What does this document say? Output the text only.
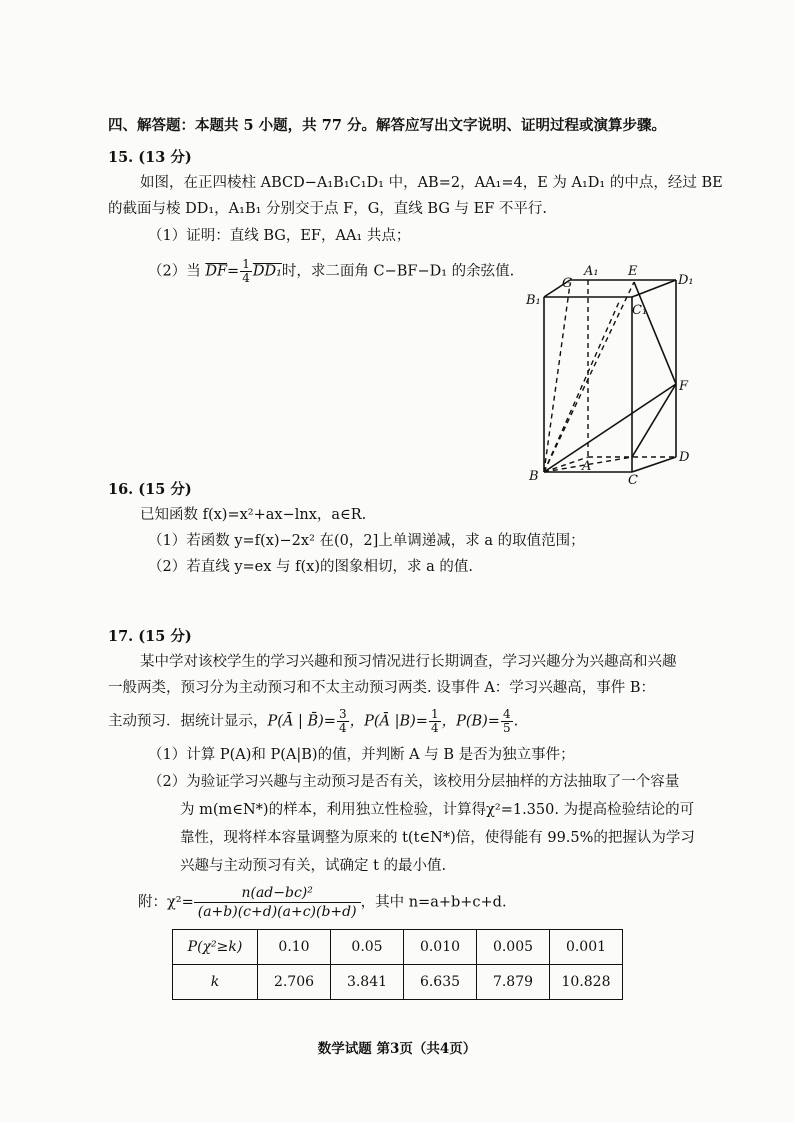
四、解答题：本题共 5 小题，共 77 分。解答应写出文字说明、证明过程或演算步骤。
15. (13 分)
如图，在正四棱柱 ABCD−A₁B₁C₁D₁ 中，AB=2，AA₁=4，E 为 A₁D₁ 的中点，经过 BE
的截面与棱 DD₁，A₁B₁ 分别交于点 F，G，直线 BG 与 EF 不平行.
（1）证明：直线 BG，EF，AA₁ 共点；
（2）当 $\overline{DF}= \frac{1}{4} DD_1$时，求二面角 C−BF−D₁ 的余弦值.
B₁
G
A₁ E
D₁
C₁
F
B
A
C
D
16. (15 分)
已知函数 f(x)=x²+ax−lnx，a∈R.
（1）若函数 y=f(x)−2x² 在(0，2]上单调递减，求 a 的取值范围；
（2）若直线 y=ex 与 f(x)的图象相切，求 a 的值.
17. (15 分)
某中学对该校学生的学习兴趣和预习情况进行长期调查，学习兴趣分为兴趣高和兴趣
一般两类，预习分为主动预习和不太主动预习两类. 设事件 A：学习兴趣高，事件 B：
主动预习．据统计显示，P(Ā | B̄)= $\frac{3}{4}$ ，P(Ā $|B)= \frac{1}{4}$ ，$P(B)= \frac{4}{5}$ .
（1）计算 P(A)和 P(A|B)的值，并判断 A 与 B 是否为独立事件；
（2）为验证学习兴趣与主动预习是否有关，该校用分层抽样的方法抽取了一个容量
为 m(m∈N*)的样本，利用独立性检验，计算得χ²=1.350. 为提高检验结论的可
靠性，现将样本容量调整为原来的 t(t∈N*)倍，使得能有 99.5%的把握认为学习
兴趣与主动预习有关，试确定 t 的最小值.
附：$\chi^2= \frac{\text{n(ad−bc)²}}{(a+b)(c+d)(a+c)(b+d)}$ ，其中 n=a+b+c+d.
P(χ²≥k)	0.10	0.05	0.010	0.005	0.001
k	2.706	3.841	6.635	7.879	10.828
数学试题 第3页（共4页）
